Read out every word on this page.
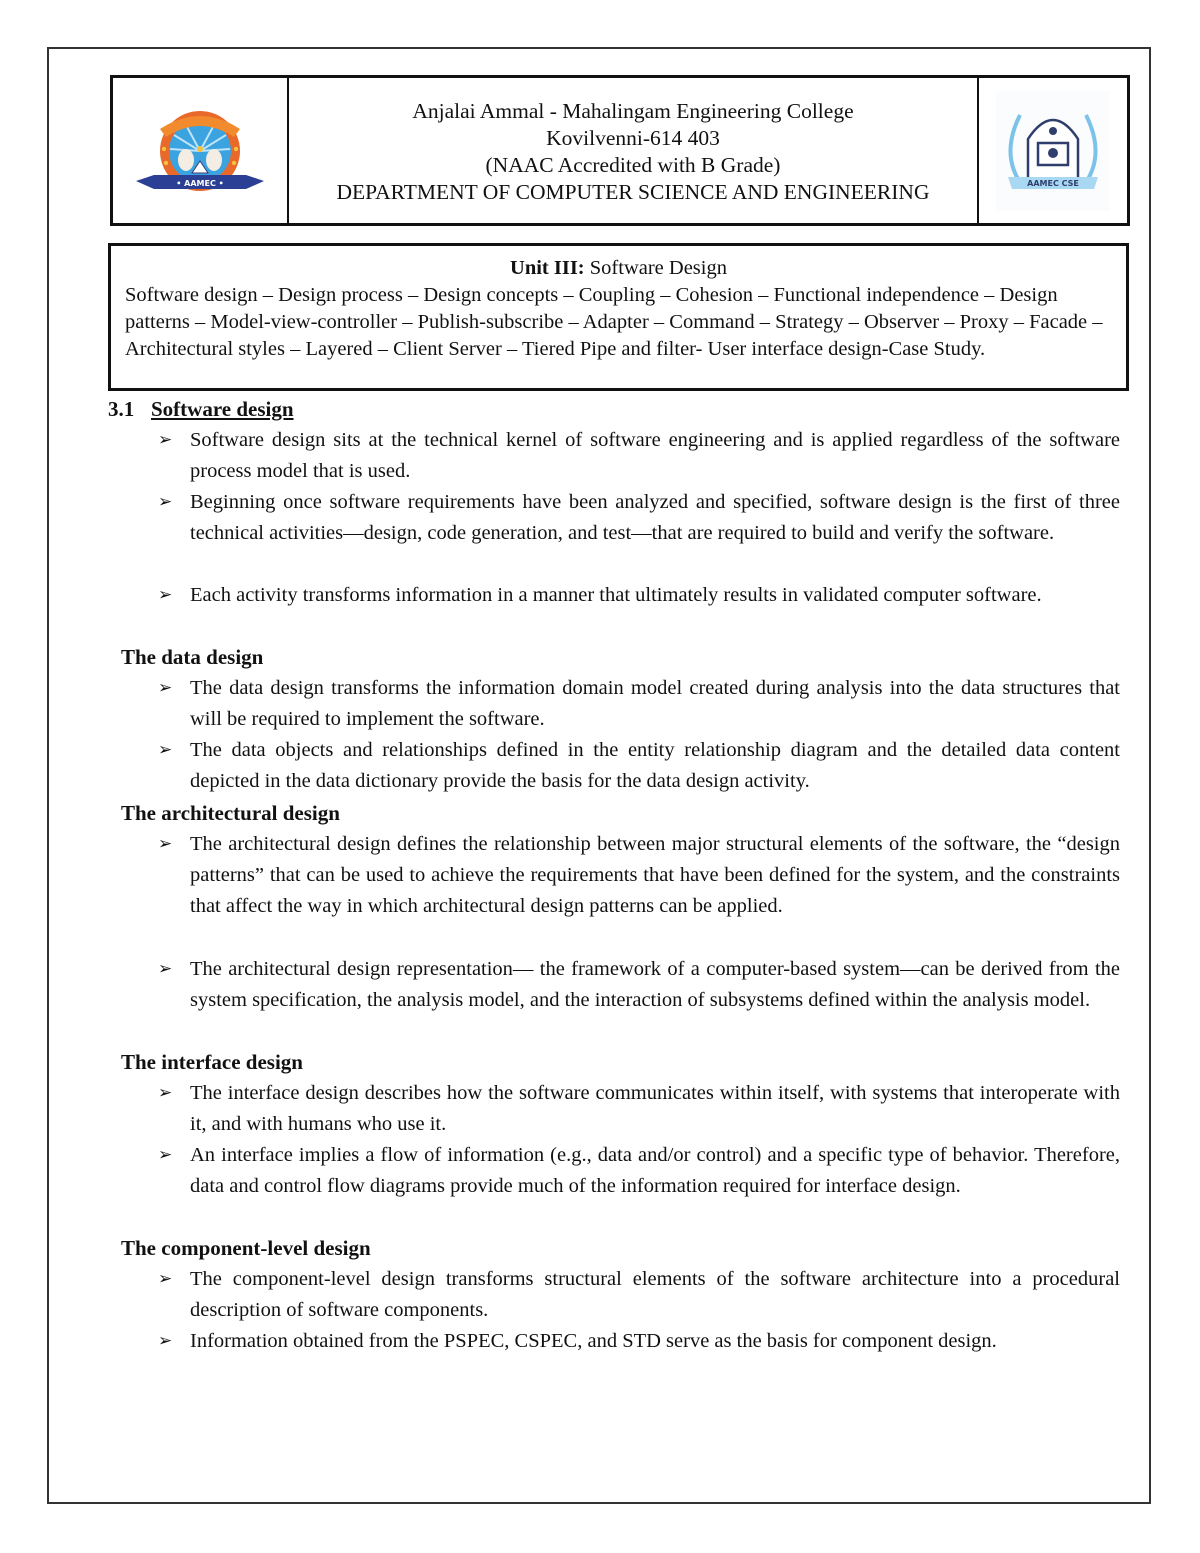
• AAMEC •
Anjalai Ammal - Mahalingam Engineering College
Kovilvenni-614 403
(NAAC Accredited with B Grade)
DEPARTMENT OF COMPUTER SCIENCE AND ENGINEERING	AAMEC CSE
Unit III: Software Design
Software design – Design process – Design concepts – Coupling – Cohesion – Functional independence – Design patterns – Model-view-controller – Publish-subscribe – Adapter – Command – Strategy – Observer – Proxy – Facade – Architectural styles – Layered – Client Server – Tiered Pipe and filter- User interface design-Case Study.
3.1 Software design
➢ Software design sits at the technical kernel of software engineering and is applied regardless of the software process model that is used.
➢ Beginning once software requirements have been analyzed and specified, software design is the first of three technical activities—design, code generation, and test—that are required to build and verify the software.
➢ Each activity transforms information in a manner that ultimately results in validated computer software.
The data design
➢ The data design transforms the information domain model created during analysis into the data structures that will be required to implement the software.
➢ The data objects and relationships defined in the entity relationship diagram and the detailed data content depicted in the data dictionary provide the basis for the data design activity.
The architectural design
➢ The architectural design defines the relationship between major structural elements of the software, the “design patterns” that can be used to achieve the requirements that have been defined for the system, and the constraints that affect the way in which architectural design patterns can be applied.
➢ The architectural design representation— the framework of a computer-based system—can be derived from the system specification, the analysis model, and the interaction of subsystems defined within the analysis model.
The interface design
➢ The interface design describes how the software communicates within itself, with systems that interoperate with it, and with humans who use it.
➢ An interface implies a flow of information (e.g., data and/or control) and a specific type of behavior. Therefore, data and control flow diagrams provide much of the information required for interface design.
The component-level design
➢ The component-level design transforms structural elements of the software architecture into a procedural description of software components.
➢ Information obtained from the PSPEC, CSPEC, and STD serve as the basis for component design.
